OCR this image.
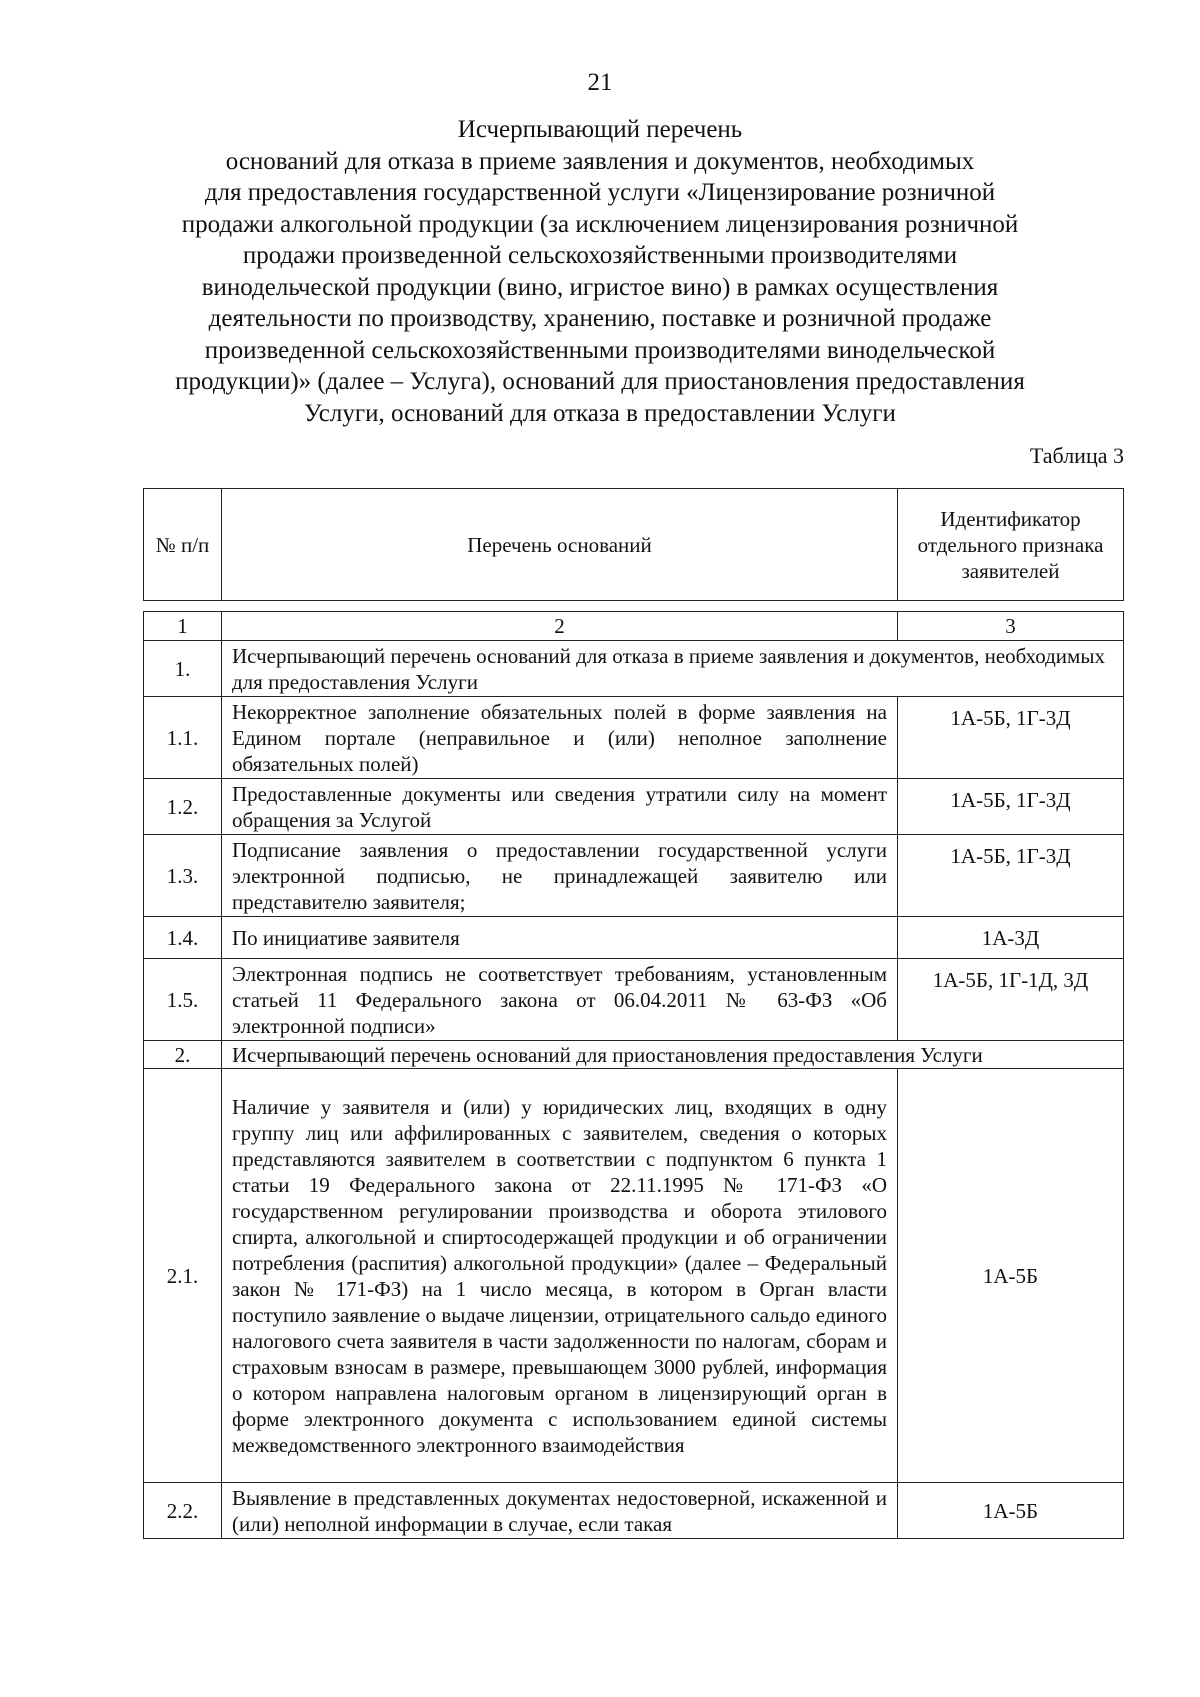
21
Исчерпывающий перечень
оснований для отказа в приеме заявления и документов, необходимых
для предоставления государственной услуги «Лицензирование розничной
продажи алкогольной продукции (за исключением лицензирования розничной
продажи произведенной сельскохозяйственными производителями
винодельческой продукции (вино, игристое вино) в рамках осуществления
деятельности по производству, хранению, поставке и розничной продаже
произведенной сельскохозяйственными производителями винодельческой
продукции)» (далее – Услуга), оснований для приостановления предоставления
Услуги, оснований для отказа в предоставлении Услуги
Таблица 3
№ п/п	Перечень оснований	Идентификатор отдельного признака заявителей

1	2	3
1.	Исчерпывающий перечень оснований для отказа в приеме заявления и документов, необходимых для предоставления Услуги	
1.1.	Некорректное заполнение обязательных полей в форме заявления на Едином портале (неправильное и (или) неполное заполнение обязательных полей)	1А-5Б, 1Г-3Д
1.2.	Предоставленные документы или сведения утратили силу на момент обращения за Услугой	1А-5Б, 1Г-3Д
1.3.	Подписание заявления о предоставлении государственной услуги электронной подписью, не принадлежащей заявителю или представителю заявителя;	1А-5Б, 1Г-3Д
1.4.	По инициативе заявителя	1А-3Д
1.5.	Электронная подпись не соответствует требованиям, установленным статьей 11 Федерального закона от 06.04.2011 № 63-ФЗ «Об электронной подписи»	1А-5Б, 1Г-1Д, 3Д
2.	Исчерпывающий перечень оснований для приостановления предоставления Услуги	
2.1.	Наличие у заявителя и (или) у юридических лиц, входящих в одну группу лиц или аффилированных с заявителем, сведения о которых представляются заявителем в соответствии с подпунктом 6 пункта 1 статьи 19 Федерального закона от 22.11.1995 № 171-ФЗ «О государственном регулировании производства и оборота этилового спирта, алкогольной и спиртосодержащей продукции и об ограничении потребления (распития) алкогольной продукции» (далее – Федеральный закон № 171-ФЗ) на 1 число месяца, в котором в Орган власти поступило заявление о выдаче лицензии, отрицательного сальдо единого налогового счета заявителя в части задолженности по налогам, сборам и страховым взносам в размере, превышающем 3000 рублей, информация о котором направлена налоговым органом в лицензирующий орган в форме электронного документа с использованием единой системы межведомственного электронного взаимодействия	1А-5Б
2.2.	Выявление в представленных документах недостоверной, искаженной и (или) неполной информации в случае, если такая	1А-5Б
